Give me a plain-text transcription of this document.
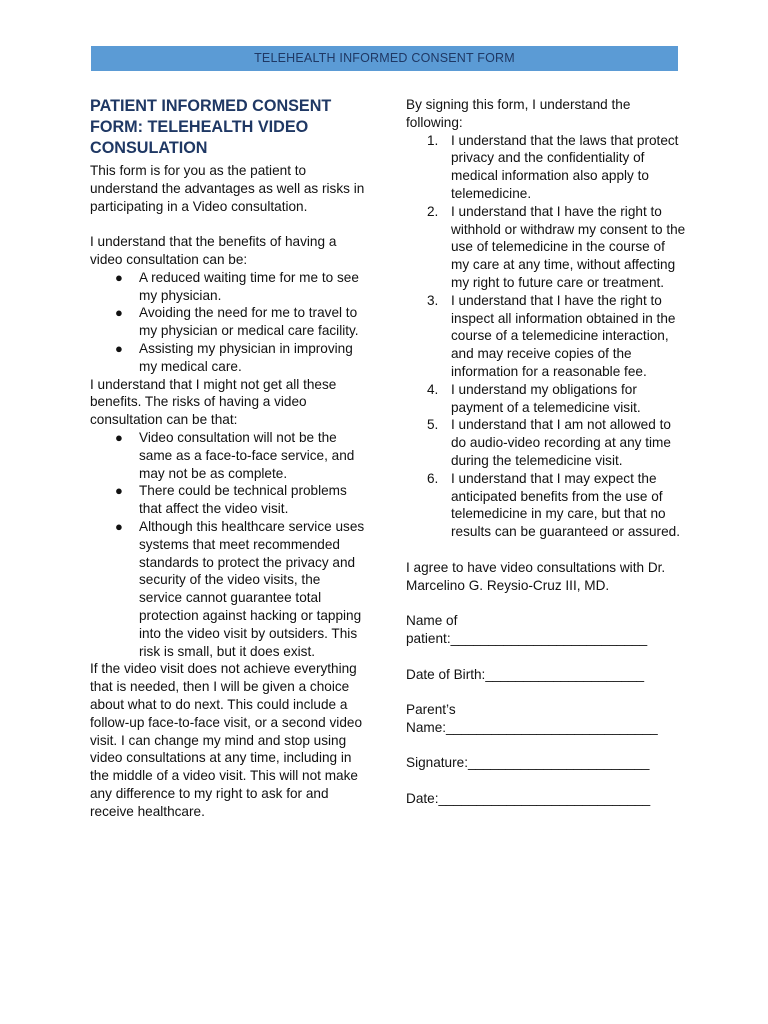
TELEHEALTH INFORMED CONSENT FORM
PATIENT INFORMED CONSENT FORM: TELEHEALTH VIDEO CONSULATION

This form is for you as the patient to understand the advantages as well as risks in participating in a Video consultation.

I understand that the benefits of having a video consultation can be:

● A reduced waiting time for me to see my physician.
● Avoiding the need for me to travel to my physician or medical care facility.
● Assisting my physician in improving my medical care.

I understand that I might not get all these benefits. The risks of having a video consultation can be that:

● Video consultation will not be the same as a face-to-face service, and may not be as complete.
● There could be technical problems that affect the video visit.
● Although this healthcare service uses systems that meet recommended standards to protect the privacy and security of the video visits, the service cannot guarantee total protection against hacking or tapping into the video visit by outsiders. This risk is small, but it does exist.

If the video visit does not achieve everything that is needed, then I will be given a choice about what to do next. This could include a follow-up face-to-face visit, or a second video visit. I can change my mind and stop using video consultations at any time, including in the middle of a video visit. This will not make any difference to my right to ask for and receive healthcare.

By signing this form, I understand the following:

1. I understand that the laws that protect privacy and the confidentiality of medical information also apply to telemedicine.
2. I understand that I have the right to withhold or withdraw my consent to the use of telemedicine in the course of my care at any time, without affecting my right to future care or treatment.
3. I understand that I have the right to inspect all information obtained in the course of a telemedicine interaction, and may receive copies of the information for a reasonable fee.
4. I understand my obligations for payment of a telemedicine visit.
5. I understand that I am not allowed to do audio-video recording at any time during the telemedicine visit.
6. I understand that I may expect the anticipated benefits from the use of telemedicine in my care, but that no results can be guaranteed or assured.

I agree to have video consultations with Dr. Marcelino G. Reysio-Cruz III, MD.

Name of

patient:__________________________

Date of Birth:_____________________

Parent’s

Name:____________________________

Signature:________________________

Date:____________________________
